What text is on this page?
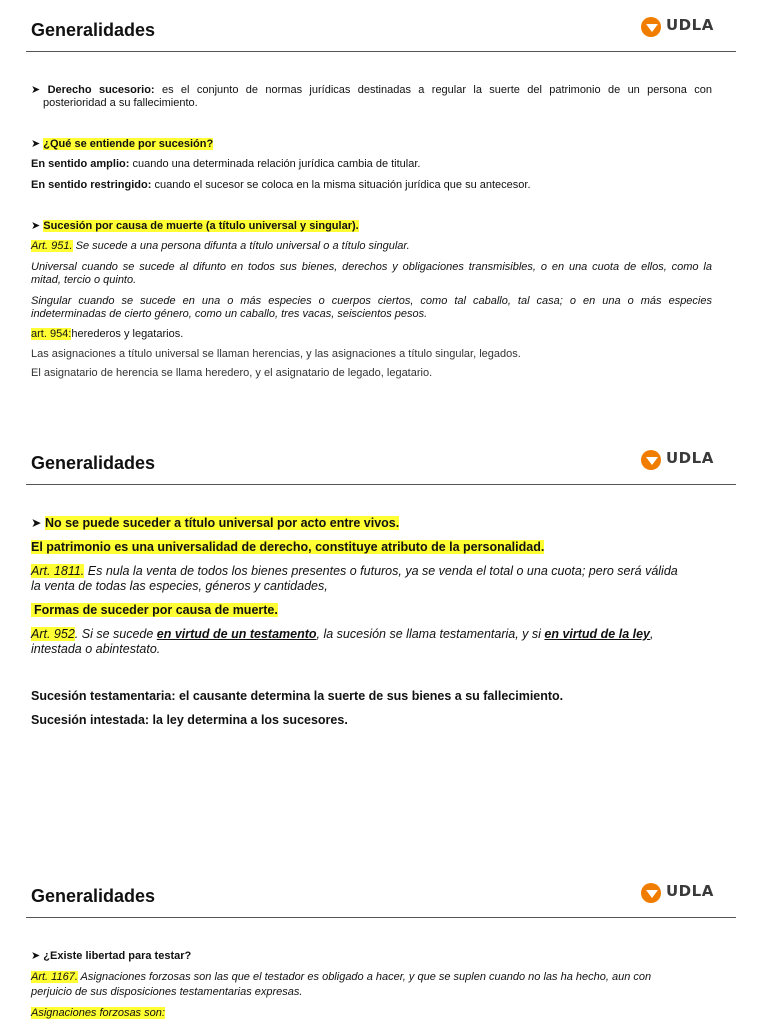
Generalidades	UDLA
➤ Derecho sucesorio: es el conjunto de normas jurídicas destinadas a regular la suerte del patrimonio de un persona con
posterioridad a su fallecimiento.
➤ ¿Qué se entiende por sucesión?
En sentido amplio: cuando una determinada relación jurídica cambia de titular.
En sentido restringido: cuando el sucesor se coloca en la misma situación jurídica que su antecesor.
➤ Sucesión por causa de muerte (a título universal y singular).
Art. 951. Se sucede a una persona difunta a título universal o a título singular.
Universal cuando se sucede al difunto en todos sus bienes, derechos y obligaciones transmisibles, o en una cuota de ellos, como la
mitad, tercio o quinto.
Singular cuando se sucede en una o más especies o cuerpos ciertos, como tal caballo, tal casa; o en una o más especies
indeterminadas de cierto género, como un caballo, tres vacas, seiscientos pesos.
art. 954:herederos y legatarios.
Las asignaciones a título universal se llaman herencias, y las asignaciones a título singular, legados.
El asignatario de herencia se llama heredero, y el asignatario de legado, legatario.
Generalidades	UDLA
➤ No se puede suceder a título universal por acto entre vivos.
El patrimonio es una universalidad de derecho, constituye atributo de la personalidad.
Art. 1811. Es nula la venta de todos los bienes presentes o futuros, ya se venda el total o una cuota; pero será válida
la venta de todas las especies, géneros y cantidades,
Formas de suceder por causa de muerte.
Art. 952. Si se sucede en virtud de un testamento, la sucesión se llama testamentaria, y si en virtud de la ley,
intestada o abintestato.
Sucesión testamentaria: el causante determina la suerte de sus bienes a su fallecimiento.
Sucesión intestada: la ley determina a los sucesores.
Generalidades	UDLA
➤ ¿Existe libertad para testar?
Art. 1167. Asignaciones forzosas son las que el testador es obligado a hacer, y que se suplen cuando no las ha hecho, aun con
perjuicio de sus disposiciones testamentarias expresas.
Asignaciones forzosas son:
